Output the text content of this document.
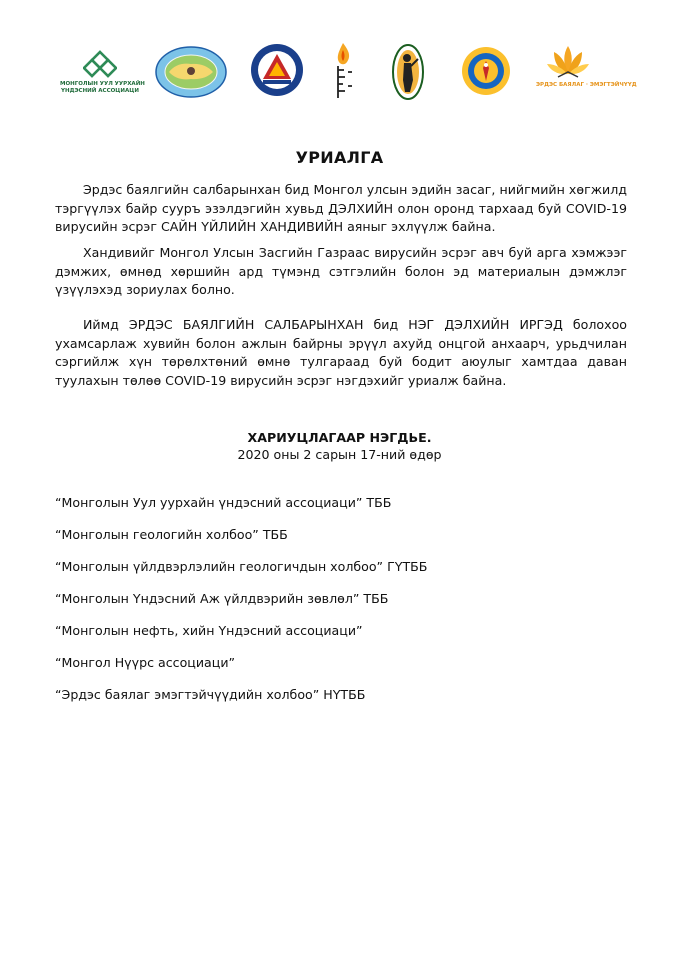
МОНГОЛЫН УУЛ УУРХАЙН
ҮНДЭСНИЙ АССОЦИАЦИ
ЭРДЭС БАЯЛАГ · ЭМЭГТЭЙЧҮҮД
УРИАЛГА

Эрдэс баялгийн салбарынхан бид Монгол улсын эдийн засаг, нийгмийн хөгжилд тэргүүлэх байр сууръ эзэлдэгийн хувьд ДЭЛХИЙН олон оронд тархаад буй COVID-19 вирусийн эсрэг САЙН ҮЙЛИЙН ХАНДИВИЙН аяныг эхлүүлж байна.

Хандивийг Монгол Улсын Засгийн Газраас вирусийн эсрэг авч буй арга хэмжээг дэмжих, өмнөд хөршийн ард түмэнд сэтгэлийн болон эд материалын дэмжлэг үзүүлэхэд зориулах болно.

Иймд ЭРДЭС БАЯЛГИЙН САЛБАРЫНХАН бид НЭГ ДЭЛХИЙН ИРГЭД болохоо ухамсарлаж хувийн болон ажлын байрны эрүүл ахуйд онцгой анхаарч, урьдчилан сэргийлж хүн төрөлхтөний өмнө тулгараад буй бодит аюулыг хамтдаа даван туулахын төлөө COVID-19 вирусийн эсрэг нэгдэхийг уриалж байна.

ХАРИУЦЛАГААР НЭГДЬЕ.
2020 оны 2 сарын 17-ний өдөр
“Монголын Уул уурхайн үндэсний ассоциаци” ТББ
“Монголын геологийн холбоо” ТББ
“Монголын үйлдвэрлэлийн геологичдын холбоо” ГҮТББ
“Монголын Үндэсний Аж үйлдвэрийн зөвлөл” ТББ
“Монголын нефть, хийн Үндэсний ассоциаци”
“Монгол Нүүрс ассоциаци”
“Эрдэс баялаг эмэгтэйчүүдийн холбоо” НҮТББ
